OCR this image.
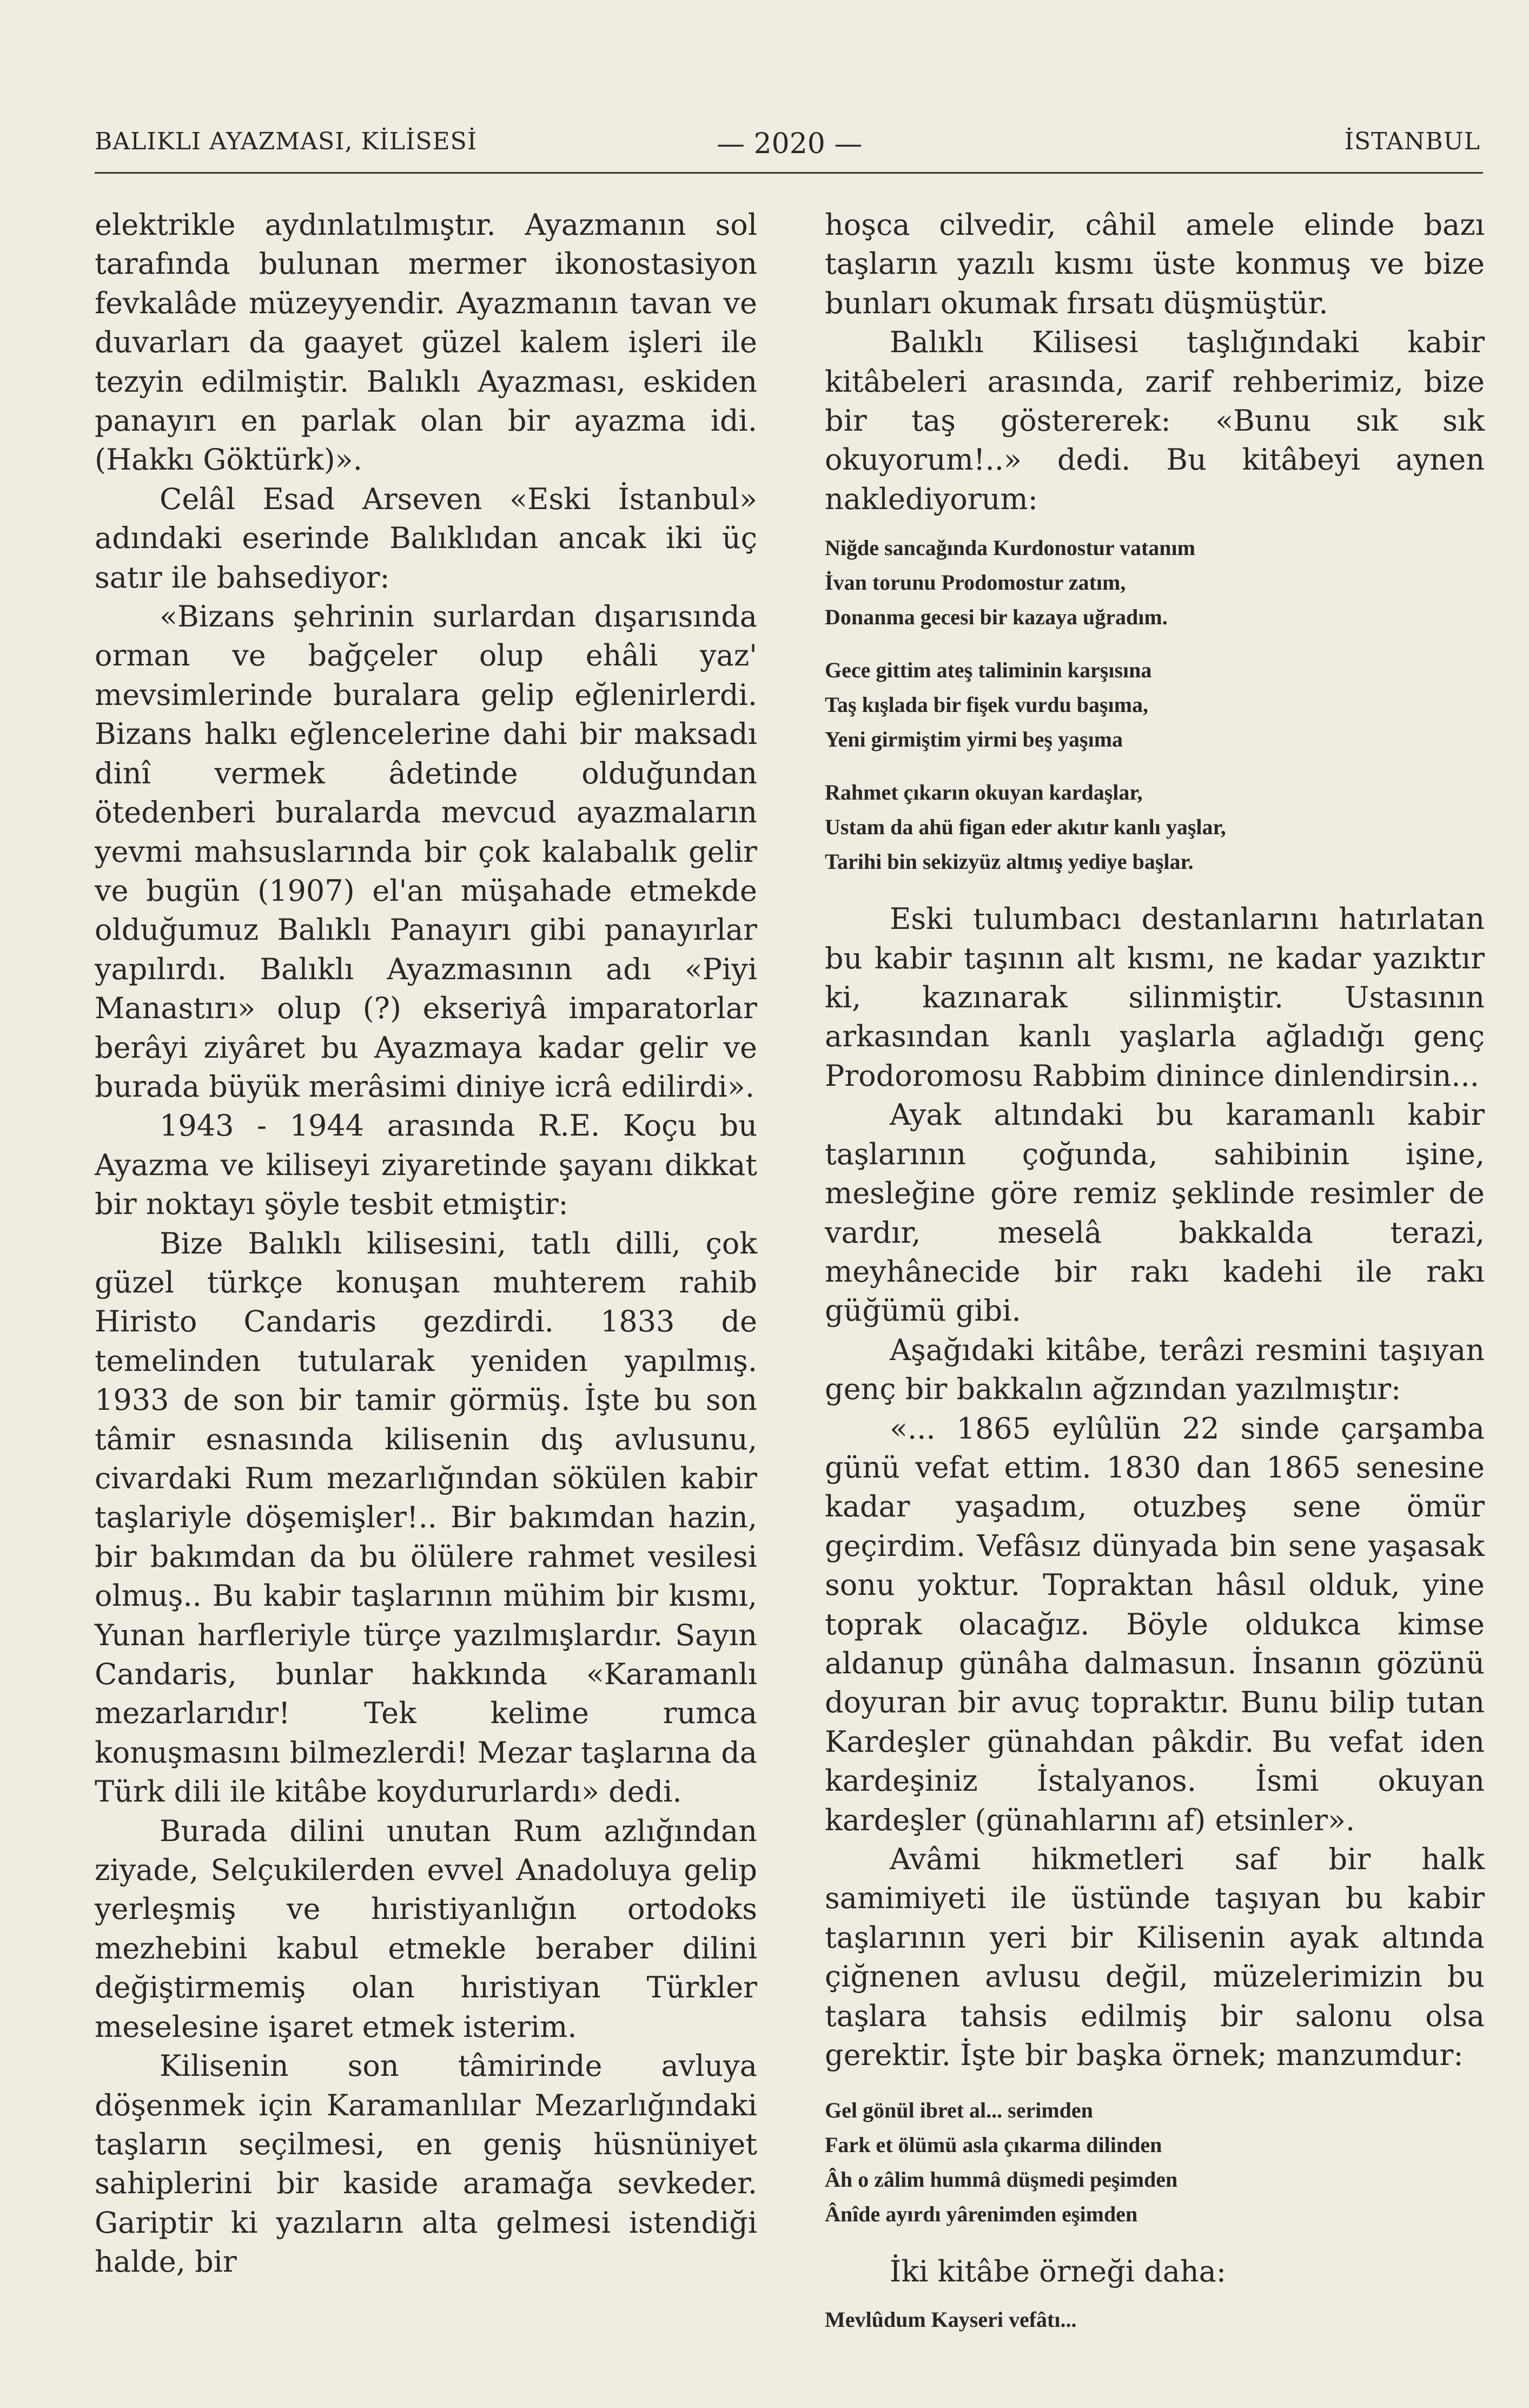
BALIKLI AYAZMASI, KİLİSESİ	— 2020 —	İSTANBUL

elektrikle aydınlatılmıştır. Ayazmanın sol tarafında bulunan mermer ikonostasiyon fevkalâde müzeyyendir. Ayazmanın tavan ve duvarları da gaayet güzel kalem işleri ile tezyin edilmiştir. Balıklı Ayazması, eskiden panayırı en parlak olan bir ayazma idi. (Hakkı Göktürk)».

Celâl Esad Arseven «Eski İstanbul» adındaki eserinde Balıklıdan ancak iki üç satır ile bahsediyor:

«Bizans şehrinin surlardan dışarısında orman ve bağçeler olup ehâli yaz' mevsimlerinde buralara gelip eğlenirlerdi. Bizans halkı eğlencelerine dahi bir maksadı dinî vermek âdetinde olduğundan ötedenberi buralarda mevcud ayazmaların yevmi mahsuslarında bir çok kalabalık gelir ve bugün (1907) el'an müşahade etmekde olduğumuz Balıklı Panayırı gibi panayırlar yapılırdı. Balıklı Ayazmasının adı «Piyi Manastırı» olup (?) ekseriyâ imparatorlar berâyi ziyâret bu Ayazmaya kadar gelir ve burada büyük merâsimi diniye icrâ edilirdi».

1943 - 1944 arasında R.E. Koçu bu Ayazma ve kiliseyi ziyaretinde şayanı dikkat bir noktayı şöyle tesbit etmiştir:

Bize Balıklı kilisesini, tatlı dilli, çok güzel türkçe konuşan muhterem rahib Hiristo Candaris gezdirdi. 1833 de temelinden tutularak yeniden yapılmış. 1933 de son bir tamir görmüş. İşte bu son tâmir esnasında kilisenin dış avlusunu, civardaki Rum mezarlığından sökülen kabir taşlariyle döşemişler!.. Bir bakımdan hazin, bir bakımdan da bu ölülere rahmet vesilesi olmuş.. Bu kabir taşlarının mühim bir kısmı, Yunan harfleriyle türçe yazılmışlardır. Sayın Candaris, bunlar hakkında «Karamanlı mezarlarıdır! Tek kelime rumca konuşmasını bilmezlerdi! Mezar taşlarına da Türk dili ile kitâbe koydururlardı» dedi.

Burada dilini unutan Rum azlığından ziyade, Selçukilerden evvel Anadoluya gelip yerleşmiş ve hıristiyanlığın ortodoks mezhebini kabul etmekle beraber dilini değiştirmemiş olan hıristiyan Türkler meselesine işaret etmek isterim.

Kilisenin son tâmirinde avluya döşenmek için Karamanlılar Mezarlığındaki taşların seçilmesi, en geniş hüsnüniyet sahiplerini bir kaside aramağa sevkeder. Gariptir ki yazıların alta gelmesi istendiği halde, bir

hoşca cilvedir, câhil amele elinde bazı taşların yazılı kısmı üste konmuş ve bize bunları okumak fırsatı düşmüştür.

Balıklı Kilisesi taşlığındaki kabir kitâbeleri arasında, zarif rehberimiz, bize bir taş göstererek: «Bunu sık sık okuyorum!..» dedi. Bu kitâbeyi aynen naklediyorum:

Niğde sancağında Kurdonostur vatanım

İvan torunu Prodomostur zatım,

Donanma gecesi bir kazaya uğradım.

Gece gittim ateş taliminin karşısına

Taş kışlada bir fişek vurdu başıma,

Yeni girmiştim yirmi beş yaşıma

Rahmet çıkarın okuyan kardaşlar,

Ustam da ahü figan eder akıtır kanlı yaşlar,

Tarihi bin sekizyüz altmış yediye başlar.

Eski tulumbacı destanlarını hatırlatan bu kabir taşının alt kısmı, ne kadar yazıktır ki, kazınarak silinmiştir. Ustasının arkasından kanlı yaşlarla ağladığı genç Prodoromosu Rabbim dinince dinlendirsin...

Ayak altındaki bu karamanlı kabir taşlarının çoğunda, sahibinin işine, mesleğine göre remiz şeklinde resimler de vardır, meselâ bakkalda terazi, meyhânecide bir rakı kadehi ile rakı güğümü gibi.

Aşağıdaki kitâbe, terâzi resmini taşıyan genç bir bakkalın ağzından yazılmıştır:

«... 1865 eylûlün 22 sinde çarşamba günü vefat ettim. 1830 dan 1865 senesine kadar yaşadım, otuzbeş sene ömür geçirdim. Vefâsız dünyada bin sene yaşasak sonu yoktur. Topraktan hâsıl olduk, yine toprak olacağız. Böyle oldukca kimse aldanup günâha dalmasun. İnsanın gözünü doyuran bir avuç topraktır. Bunu bilip tutan Kardeşler günahdan pâkdir. Bu vefat iden kardeşiniz İstalyanos. İsmi okuyan kardeşler (günahlarını af) etsinler».

Avâmi hikmetleri saf bir halk samimiyeti ile üstünde taşıyan bu kabir taşlarının yeri bir Kilisenin ayak altında çiğnenen avlusu değil, müzelerimizin bu taşlara tahsis edilmiş bir salonu olsa gerektir. İşte bir başka örnek; manzumdur:

Gel gönül ibret al... serimden

Fark et ölümü asla çıkarma dilinden

Âh o zâlim hummâ düşmedi peşimden

Ânîde ayırdı yârenimden eşimden

İki kitâbe örneği daha:

Mevlûdum Kayseri vefâtı...
